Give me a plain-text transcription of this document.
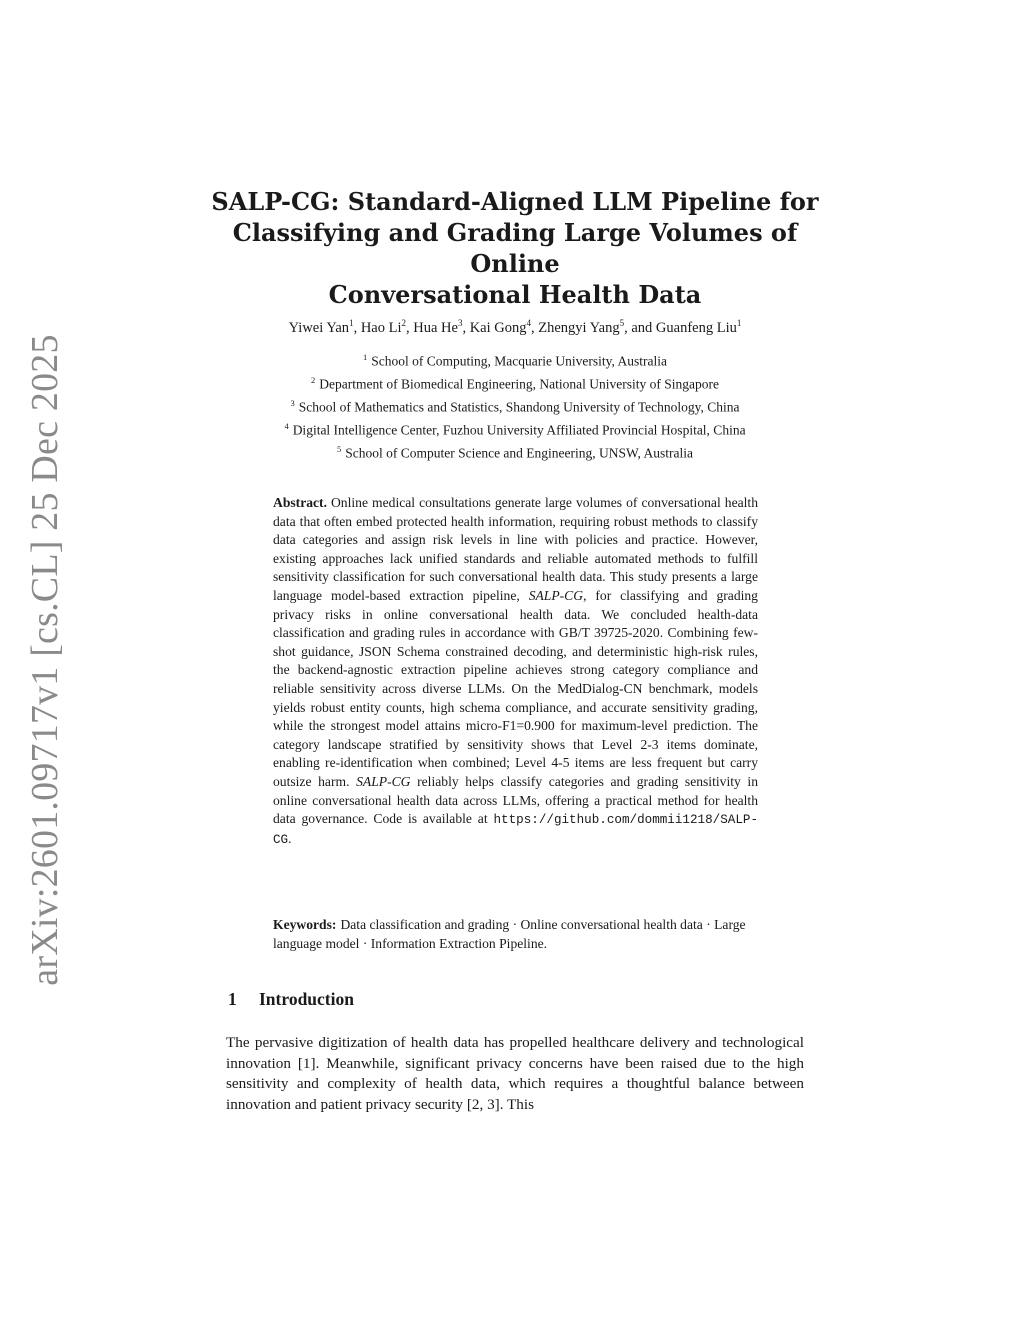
arXiv:2601.09717v1 [cs.CL] 25 Dec 2025
SALP-CG: Standard-Aligned LLM Pipeline for
Classifying and Grading Large Volumes of Online
Conversational Health Data
Yiwei Yan$^1$, Hao Li$^2$, Hua He$^3$, Kai Gong$^4$, Zhengyi Yang$^5$, and Guanfeng Liu$^1$
$^1$ School of Computing, Macquarie University, Australia
$^2$ Department of Biomedical Engineering, National University of Singapore
$^3$ School of Mathematics and Statistics, Shandong University of Technology, China
$^4$ Digital Intelligence Center, Fuzhou University Affiliated Provincial Hospital, China
$^5$ School of Computer Science and Engineering, UNSW, Australia

Abstract. Online medical consultations generate large volumes of conversational health data that often embed protected health information, requiring robust methods to classify data categories and assign risk levels in line with policies and practice. However, existing approaches lack unified standards and reliable automated methods to fulfill sensitivity classification for such conversational health data. This study presents a large language model-based extraction pipeline, SALP-CG, for classifying and grading privacy risks in online conversational health data. We concluded health-data classification and grading rules in accordance with GB/T 39725-2020. Combining few-shot guidance, JSON Schema constrained decoding, and deterministic high-risk rules, the backend-agnostic extraction pipeline achieves strong category compliance and reliable sensitivity across diverse LLMs. On the MedDialog-CN benchmark, models yields robust entity counts, high schema compliance, and accurate sensitivity grading, while the strongest model attains micro-F1=0.900 for maximum-level prediction. The category landscape stratified by sensitivity shows that Level 2-3 items dominate, enabling re-identification when combined; Level 4-5 items are less frequent but carry outsize harm. SALP-CG reliably helps classify categories and grading sensitivity in online conversational health data across LLMs, offering a practical method for health data governance. Code is available at https://github.com/dommii1218/SALP-CG.

Keywords: Data classification and grading · Online conversational health data · Large language model · Information Extraction Pipeline.
1 Introduction

The pervasive digitization of health data has propelled healthcare delivery and technological innovation [1]. Meanwhile, significant privacy concerns have been raised due to the high sensitivity and complexity of health data, which requires a thoughtful balance between innovation and patient privacy security [2, 3]. This
